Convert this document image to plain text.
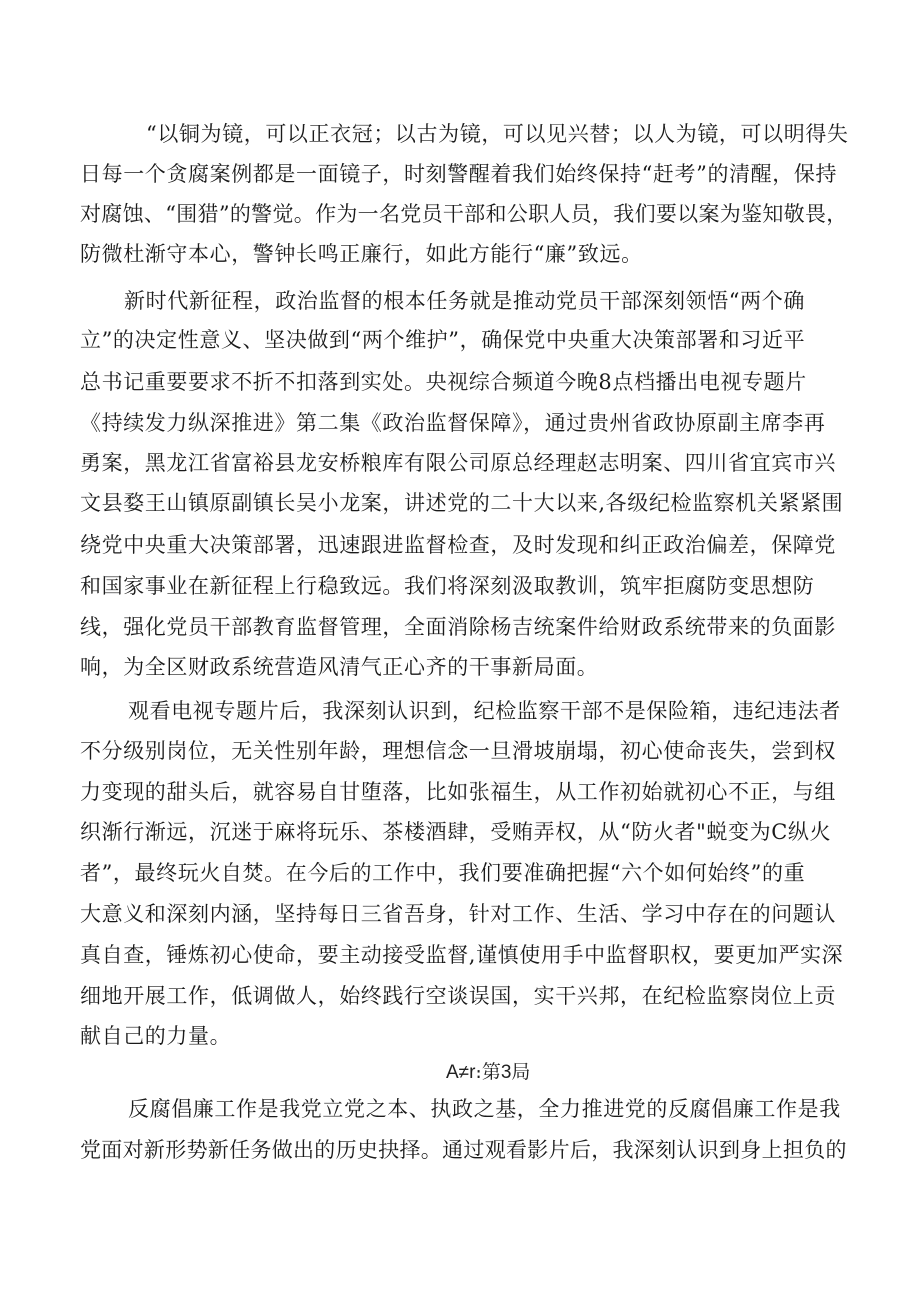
“以铜为镜，可以正衣冠；以古为镜，可以见兴替；以人为镜，可以明得失
日每一个贪腐案例都是一面镜子，时刻警醒着我们始终保持“赶考”的清醒，保持
对腐蚀、“围猎”的警觉。作为一名党员干部和公职人员，我们要以案为鉴知敬畏，
防微杜渐守本心，警钟长鸣正廉行，如此方能行“廉”致远。
新时代新征程，政治监督的根本任务就是推动党员干部深刻领悟“两个确
立”的决定性意义、坚决做到“两个维护”，确保党中央重大决策部署和习近平
总书记重要要求不折不扣落到实处。央视综合频道今晚8点档播出电视专题片
《持续发力纵深推进》第二集《政治监督保障》，通过贵州省政协原副主席李再
勇案，黑龙江省富裕县龙安桥粮库有限公司原总经理赵志明案、四川省宜宾市兴
文县婺王山镇原副镇长吴小龙案，讲述党的二十大以来,各级纪检监察机关紧紧围
绕党中央重大决策部署，迅速跟进监督检查，及时发现和纠正政治偏差，保障党
和国家事业在新征程上行稳致远。我们将深刻汲取教训，筑牢拒腐防变思想防
线，强化党员干部教育监督管理，全面消除杨吉统案件给财政系统带来的负面影
响，为全区财政系统营造风清气正心齐的干事新局面。
观看电视专题片后，我深刻认识到，纪检监察干部不是保险箱，违纪违法者
不分级别岗位，无关性别年龄，理想信念一旦滑坡崩塌，初心使命丧失，尝到权
力变现的甜头后，就容易自甘堕落，比如张福生，从工作初始就初心不正，与组
织渐行渐远，沉迷于麻将玩乐、茶楼酒肆，受贿弄权，从“防火者"蜕变为C纵火
者”，最终玩火自焚。在今后的工作中，我们要准确把握“六个如何始终”的重
大意义和深刻内涵，坚持每日三省吾身，针对工作、生活、学习中存在的问题认
真自查，锤炼初心使命，要主动接受监督,谨慎使用手中监督职权，要更加严实深
细地开展工作，低调做人，始终践行空谈误国，实干兴邦，在纪检监察岗位上贡
献自己的力量。
A≠r։第3局
反腐倡廉工作是我党立党之本、执政之基，全力推进党的反腐倡廉工作是我
党面对新形势新任务做出的历史抉择。通过观看影片后，我深刻认识到身上担负的
